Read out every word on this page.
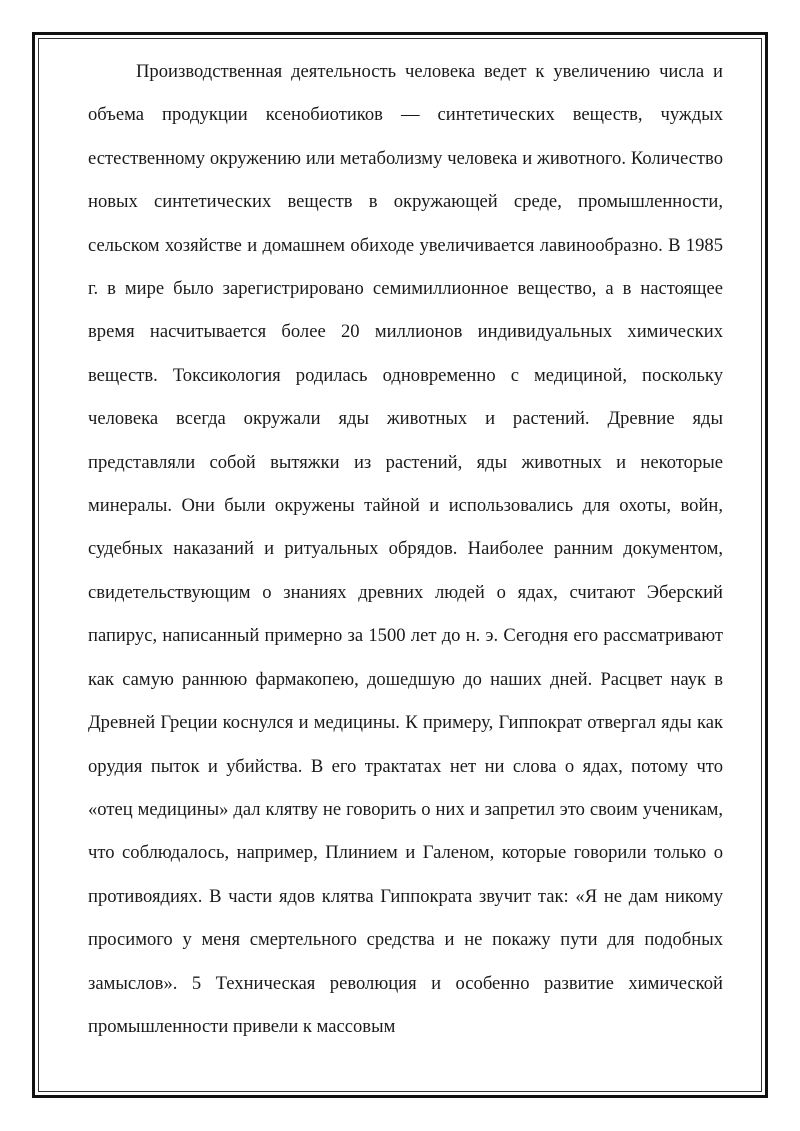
Производственная деятельность человека ведет к увеличению числа и объема продукции ксенобиотиков — синтетических веществ, чуждых естественному окружению или метаболизму человека и животного. Количество новых синтетических веществ в окружающей среде, промышленности, сельском хозяйстве и домашнем обиходе увеличивается лавинообразно. В 1985 г. в мире было зарегистрировано семимиллионное вещество, а в настоящее время насчитывается более 20 миллионов индивидуальных химических веществ. Токсикология родилась одновременно с медициной, поскольку человека всегда окружали яды животных и растений. Древние яды представляли собой вытяжки из растений, яды животных и некоторые минералы. Они были окружены тайной и использовались для охоты, войн, судебных наказаний и ритуальных обрядов. Наиболее ранним документом, свидетельствующим о знаниях древних людей о ядах, считают Эберский папирус, написанный примерно за 1500 лет до н. э. Сегодня его рассматривают как самую раннюю фармакопею, дошедшую до наших дней. Расцвет наук в Древней Греции коснулся и медицины. К примеру, Гиппократ отвергал яды как орудия пыток и убийства. В его трактатах нет ни слова о ядах, потому что «отец медицины» дал клятву не говорить о них и запретил это своим ученикам, что соблюдалось, например, Плинием и Галеном, которые говорили только о противоядиях. В части ядов клятва Гиппократа звучит так: «Я не дам никому просимого у меня смертельного средства и не покажу пути для подобных замыслов». 5 Техническая революция и особенно развитие химической промышленности привели к массовым
